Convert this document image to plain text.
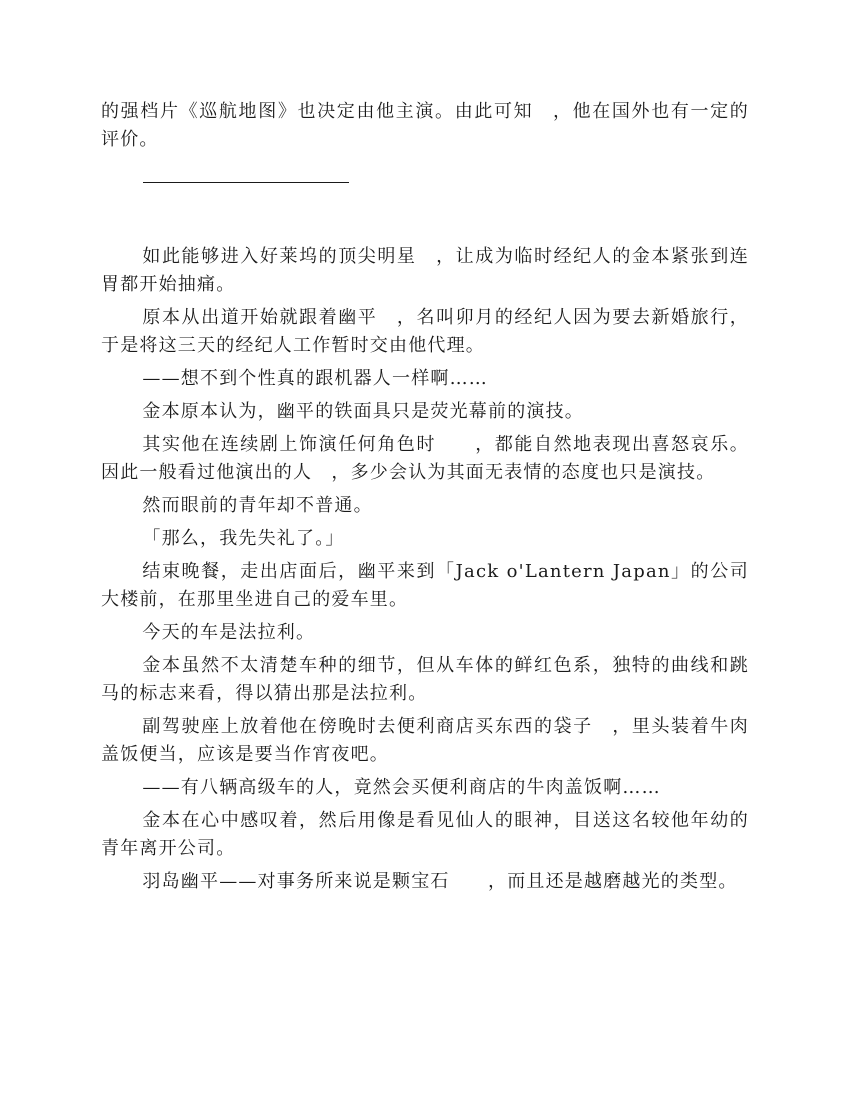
的强档片《巡航地图》也决定由他主演。由此可知　，他在国外也有一定的评价。

如此能够进入好莱坞的顶尖明星　，让成为临时经纪人的金本紧张到连胃都开始抽痛。

原本从出道开始就跟着幽平　，名叫卯月的经纪人因为要去新婚旅行，于是将这三天的经纪人工作暂时交由他代理。

——想不到个性真的跟机器人一样啊……

金本原本认为，幽平的铁面具只是荧光幕前的演技。

其实他在连续剧上饰演任何角色时　　，都能自然地表现出喜怒哀乐。因此一般看过他演出的人　，多少会认为其面无表情的态度也只是演技。

然而眼前的青年却不普通。

「那么，我先失礼了。」

结束晚餐，走出店面后，幽平来到「Jack o'Lantern Japan」的公司大楼前，在那里坐进自己的爱车里。

今天的车是法拉利。

金本虽然不太清楚车种的细节，但从车体的鲜红色系，独特的曲线和跳马的标志来看，得以猜出那是法拉利。

副驾驶座上放着他在傍晚时去便利商店买东西的袋子　，里头装着牛肉盖饭便当，应该是要当作宵夜吧。

——有八辆高级车的人，竟然会买便利商店的牛肉盖饭啊……

金本在心中感叹着，然后用像是看见仙人的眼神，目送这名较他年幼的青年离开公司。

羽岛幽平——对事务所来说是颗宝石　　，而且还是越磨越光的类型。
